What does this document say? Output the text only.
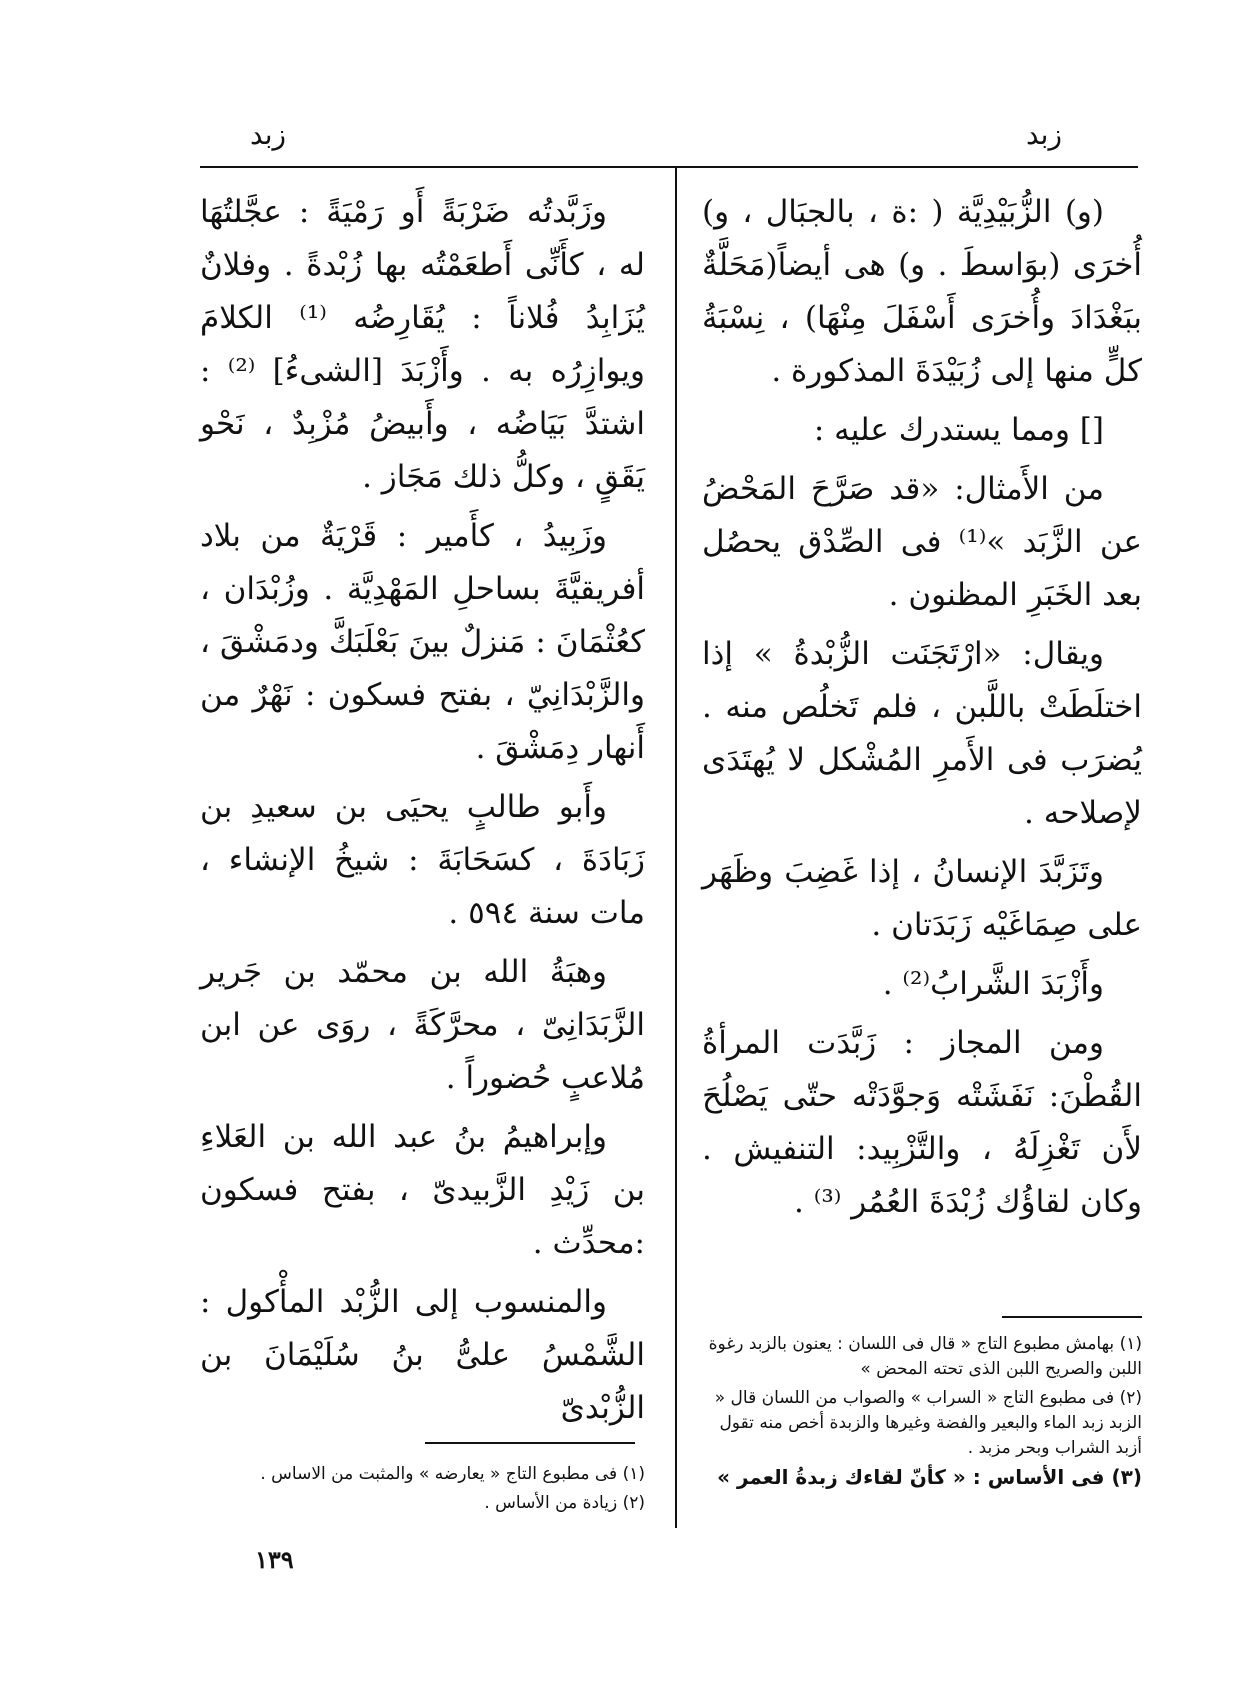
زبد
زبد

(و) الزُّبَيْدِيَّة ( :ة ، بالجبَال ، و) أُخرَى (بوَاسطَ . و) هى أيضاً(مَحَلَّةٌ ببَغْدَادَ وأُخرَى أَسْفَلَ مِنْهَا) ، نِسْبَةُ كلٍّ منها إلى زُبَيْدَةَ المذكورة .

[] ومما يستدرك عليه :

من الأَمثال: «قد صَرَّحَ المَحْضُ عن الزَّبَد »⁽¹⁾ فى الصِّدْق يحصُل بعد الخَبَرِ المظنون .

ويقال: «ارْتَجَنَت الزُّبْدةُ » إذا اختلَطَتْ باللَّبن ، فلم تَخلُص منه . يُضرَب فى الأَمرِ المُشْكل لا يُهتَدَى لإصلاحه .

وتَزَبَّدَ الإنسانُ ، إذا غَضِبَ وظَهَر على صِمَاغَيْه زَبَدَتان .

وأَزْبَدَ الشَّرابُ⁽²⁾ .

ومن المجاز : زَبَّدَت المرأةُ القُطْنَ: نَفَشَتْه وَجوَّدَتْه حتّى يَصْلُحَ لأَن تَغْزِلَهُ ، والتَّزْبِيد: التنفيش . وكان لقاؤُك زُبْدَةَ العُمُر ⁽³⁾ .

(١) بهامش مطبوع التاج « قال فى اللسان : يعنون بالزبد رغوة اللبن والصريح اللبن الذى تحته المحض »
(٢) فى مطبوع التاج « السراب » والصواب من اللسان قال « الزبد زبد الماء والبعير والفضة وغيرها والزبدة أخص منه تقول أزبد الشراب وبحر مزبد .
(٣) فى الأساس : « كأنّ لقاءك زبدةُ العمر »

وزَبَّدتُه ضَرْبَةً أَو رَمْيَةً : عجَّلتُهَا له ، كأَنِّى أَطعَمْتُه بها زُبْدةً . وفلانٌ يُزَابِدُ فُلاناً : يُقَارِضُه ⁽¹⁾ الكلامَ ويوازِرُه به . وأَزْبَدَ [الشىءُ] ⁽²⁾ : اشتدَّ بَيَاضُه ، وأَبيضُ مُزْبِدٌ ، نَحْو يَقَقٍ ، وكلُّ ذلك مَجَاز .

وزَبِيدُ ، كأَمير : قَرْيَةٌ من بلاد أفريقيَّةَ بساحلِ المَهْدِيَّة . وزُبْدَان ، كعُثْمَانَ : مَنزلٌ بينَ بَعْلَبَكَّ ودمَشْقَ ، والزَّبْدَانِيّ ، بفتح فسكون : نَهْرٌ من أَنهار دِمَشْقَ .

وأَبو طالبٍ يحيَى بن سعيدِ بن زَبَادَةَ ، كسَحَابَةَ : شيخُ الإنشاء ، مات سنة ٥٩٤ .

وهبَةُ الله بن محمّد بن جَرير الزَّبَدَانِىّ ، محرَّكَةً ، روَى عن ابن مُلاعبٍ حُضوراً .

وإبراهيمُ بنُ عبد الله بن العَلاءِ بن زَيْدِ الزَّبيدىّ ، بفتح فسكون :محدِّث .

والمنسوب إلى الزُّبْد المأْكول : الشَّمْسُ علىُّ بنُ سُلَيْمَانَ بن الزُّبْدىّ

(١) فى مطبوع التاج « يعارضه » والمثبت من الاساس .
(٢) زيادة من الأساس .
١٣٩
